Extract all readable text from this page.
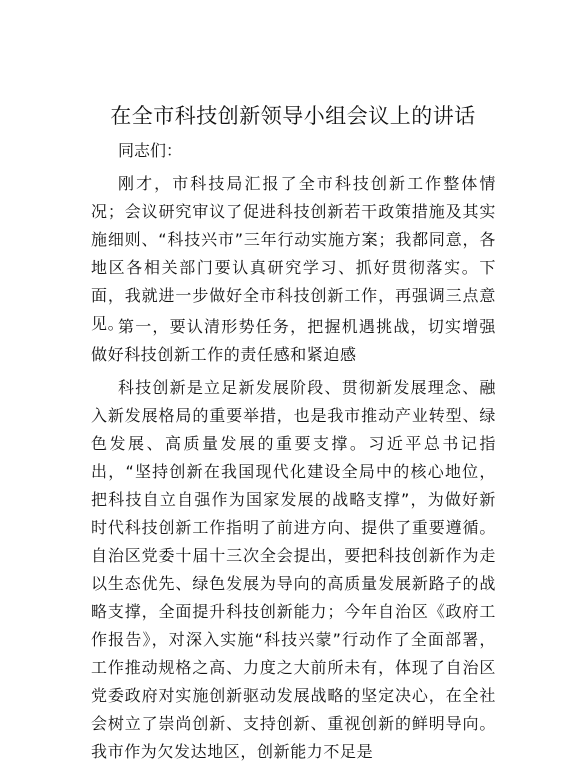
在全市科技创新领导小组会议上的讲话

同志们：

刚才，市科技局汇报了全市科技创新工作整体情况；会议研究审议了促进科技创新若干政策措施及其实施细则、“科技兴市”三年行动实施方案；我都同意，各地区各相关部门要认真研究学习、抓好贯彻落实。下面，我就进一步做好全市科技创新工作，再强调三点意见。

第一，要认清形势任务，把握机遇挑战，切实增强做好科技创新工作的责任感和紧迫感

科技创新是立足新发展阶段、贯彻新发展理念、融入新发展格局的重要举措，也是我市推动产业转型、绿色发展、高质量发展的重要支撑。习近平总书记指出，“坚持创新在我国现代化建设全局中的核心地位，把科技自立自强作为国家发展的战略支撑”，为做好新时代科技创新工作指明了前进方向、提供了重要遵循。自治区党委十届十三次全会提出，要把科技创新作为走以生态优先、绿色发展为导向的高质量发展新路子的战略支撑，全面提升科技创新能力；今年自治区《政府工作报告》，对深入实施“科技兴蒙”行动作了全面部署，工作推动规格之高、力度之大前所未有，体现了自治区党委政府对实施创新驱动发展战略的坚定决心，在全社会树立了崇尚创新、支持创新、重视创新的鲜明导向。我市作为欠发达地区，创新能力不足是
